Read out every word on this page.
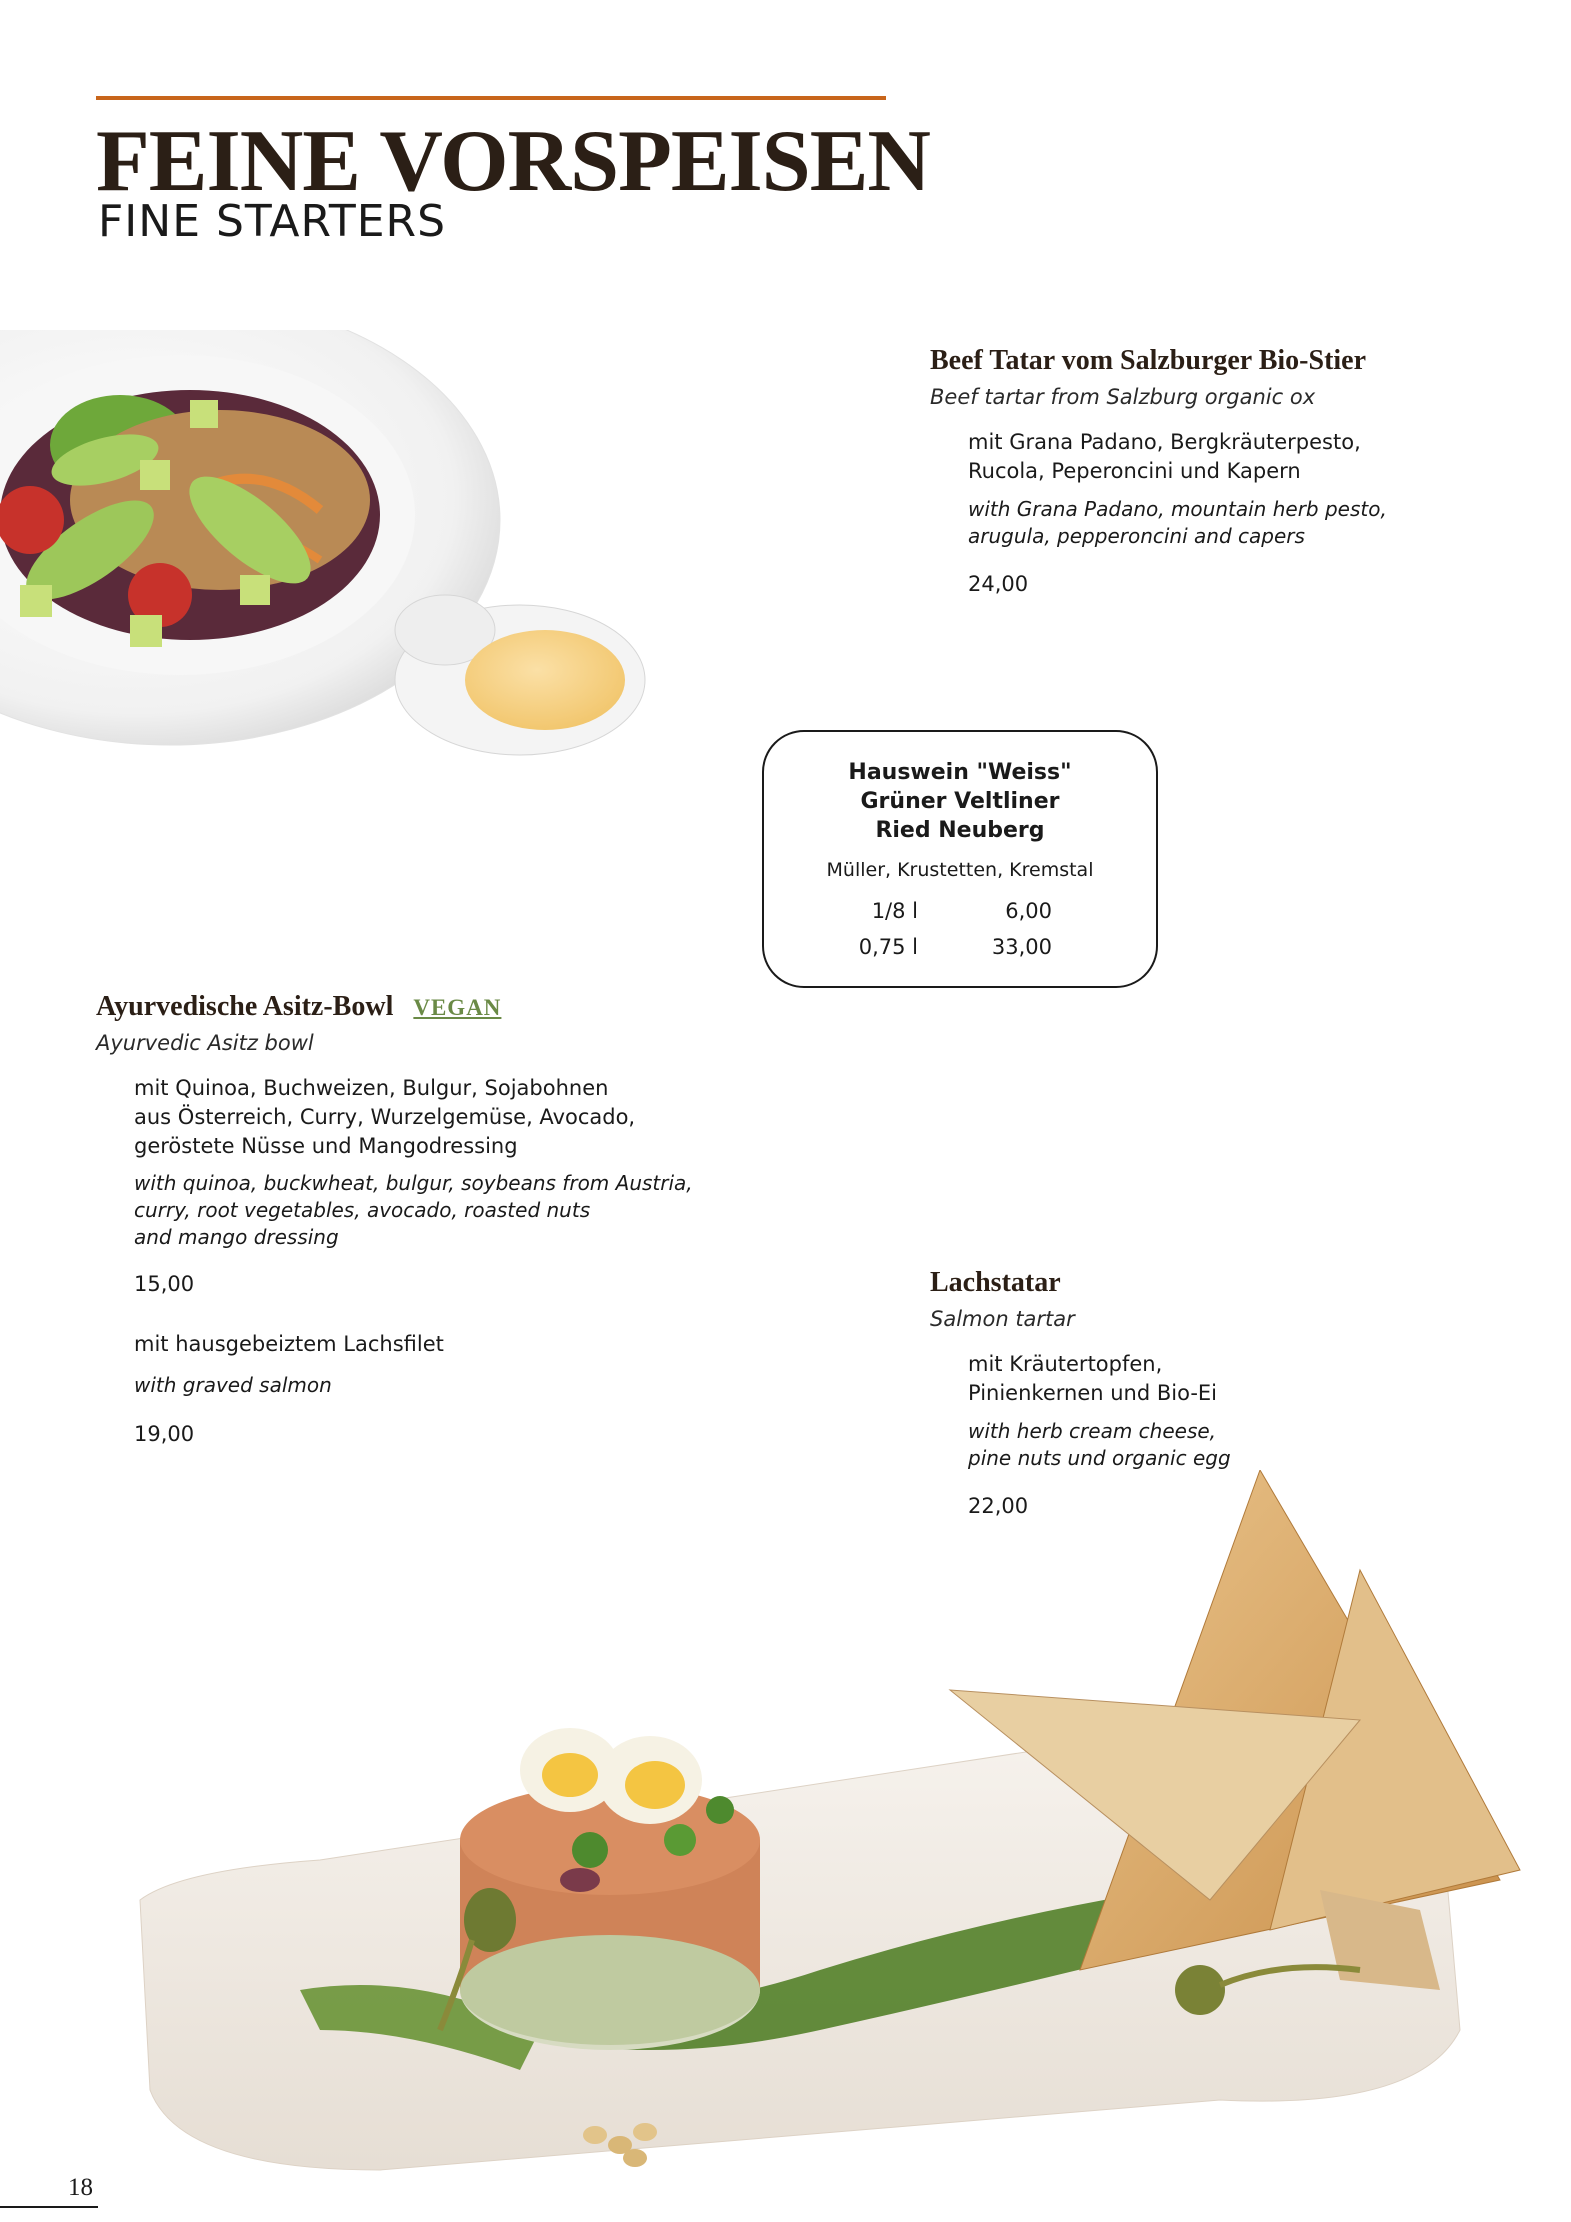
FEINE VORSPEISEN
FINE STARTERS
Beef Tatar vom Salzburger Bio-Stier
Beef tartar from Salzburg organic ox
mit Grana Padano, Bergkräuterpesto,
Rucola, Peperoncini und Kapern
with Grana Padano, mountain herb pesto,
arugula, pepperoncini and capers
24,00
Hauswein "Weiss"
Grüner Veltliner
Ried Neuberg
Müller, Krustetten, Kremstal
1/8 l	6,00
0,75 l	33,00
Ayurvedische Asitz-Bowl VEGAN
Ayurvedic Asitz bowl
mit Quinoa, Buchweizen, Bulgur, Sojabohnen
aus Österreich, Curry, Wurzelgemüse, Avocado,
geröstete Nüsse und Mangodressing
with quinoa, buckwheat, bulgur, soybeans from Austria,
curry, root vegetables, avocado, roasted nuts
and mango dressing
15,00
mit hausgebeiztem Lachsfilet
with graved salmon
19,00
Lachstatar
Salmon tartar
mit Kräutertopfen,
Pinienkernen und Bio-Ei
with herb cream cheese,
pine nuts und organic egg
22,00
18
